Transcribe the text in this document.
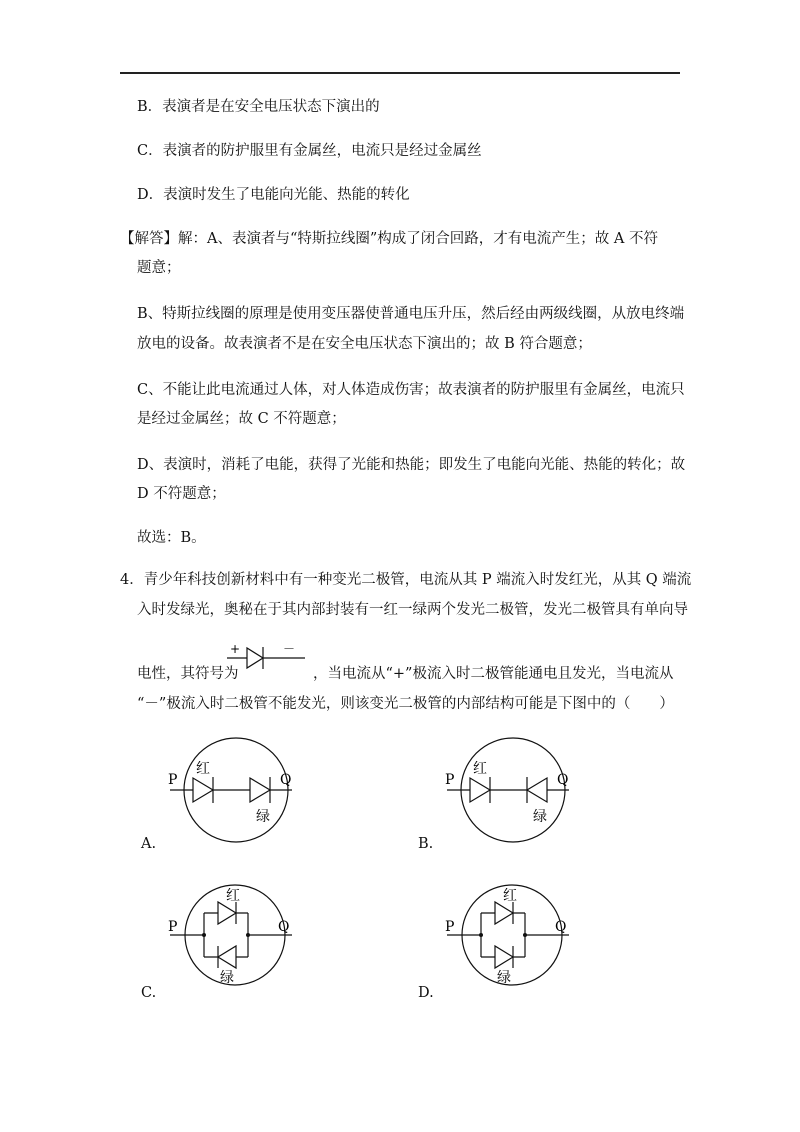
B．表演者是在安全电压状态下演出的
C．表演者的防护服里有金属丝，电流只是经过金属丝
D．表演时发生了电能向光能、热能的转化
【解答】解：A、表演者与“特斯拉线圈”构成了闭合回路，才有电流产生；故 A 不符
题意；
B、特斯拉线圈的原理是使用变压器使普通电压升压，然后经由两级线圈，从放电终端
放电的设备。故表演者不是在安全电压状态下演出的；故 B 符合题意；
C、不能让此电流通过人体，对人体造成伤害；故表演者的防护服里有金属丝，电流只
是经过金属丝；故 C 不符题意；
D、表演时，消耗了电能，获得了光能和热能；即发生了电能向光能、热能的转化；故
D 不符题意；
故选：B。
4．青少年科技创新材料中有一种变光二极管，电流从其 P 端流入时发红光，从其 Q 端流
入时发绿光，奥秘在于其内部封装有一红一绿两个发光二极管，发光二极管具有单向导
电性，其符号为
+	－
，当电流从“+”极流入时二极管能通电且发光，当电流从
“－”极流入时二极管不能发光，则该变光二极管的内部结构可能是下图中的（　　）
P	Q
红
绿
A.
P	Q
红
绿
B.
P	Q
红
绿
C.
P	Q
红
绿
D.
